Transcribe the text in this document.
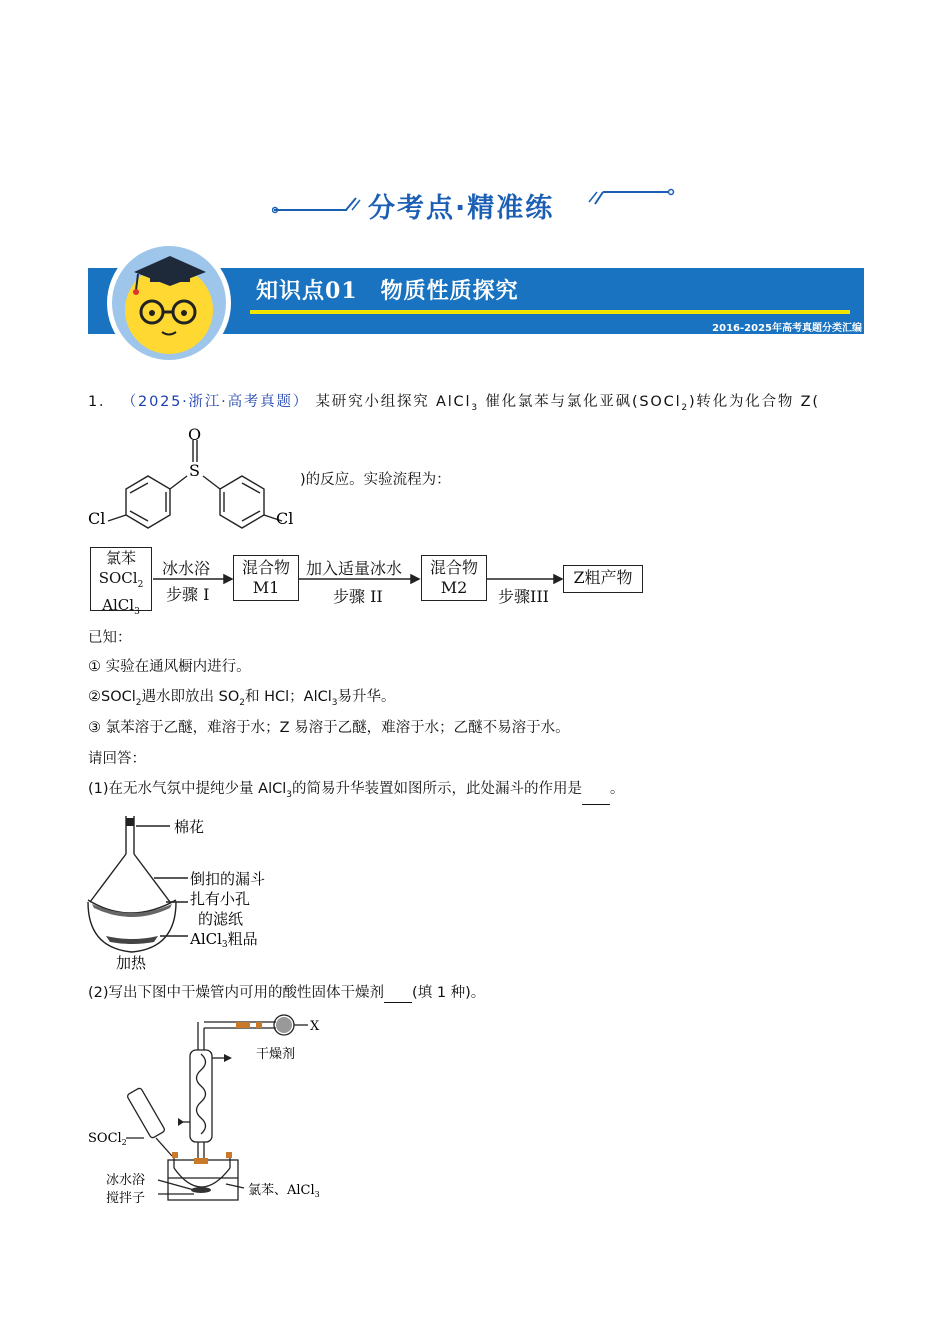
分考点·精准练
知识点01　物质性质探究
2016-2025年高考真题分类汇编
1． （2025·浙江·高考真题） 某研究小组探究 AlCl$_3$ 催化氯苯与氯化亚砜(SOCl$_2$)转化为化合物 Z(
O
S
Cl	Cl
)的反应。实验流程为：
氯苯
SOCl$_2$
AlCl$_3$
冰水浴
步骤 I
混合物
M1
加入适量冰水
步骤 II
混合物
M2	步骤III
Z粗产物
已知：
① 实验在通风橱内进行。
②SOCl$_2$遇水即放出 $SO_2$和 HCl；AlCl$_3$易升华。
③ 氯苯溶于乙醚，难溶于水；Z 易溶于乙醚，难溶于水；乙醚不易溶于水。
请回答：
(1)在无水气氛中提纯少量 AlCl$_3$的简易升华装置如图所示，此处漏斗的作用是 。
棉花
倒扣的漏斗
扎有小孔
的滤纸
AlCl$_3$粗品
加热
(2)写出下图中干燥管内可用的酸性固体干燥剂 (填 1 种)。
X
干燥剂
SOCl$_2$
冰水浴
搅拌子
氯苯、AlCl$_3$
